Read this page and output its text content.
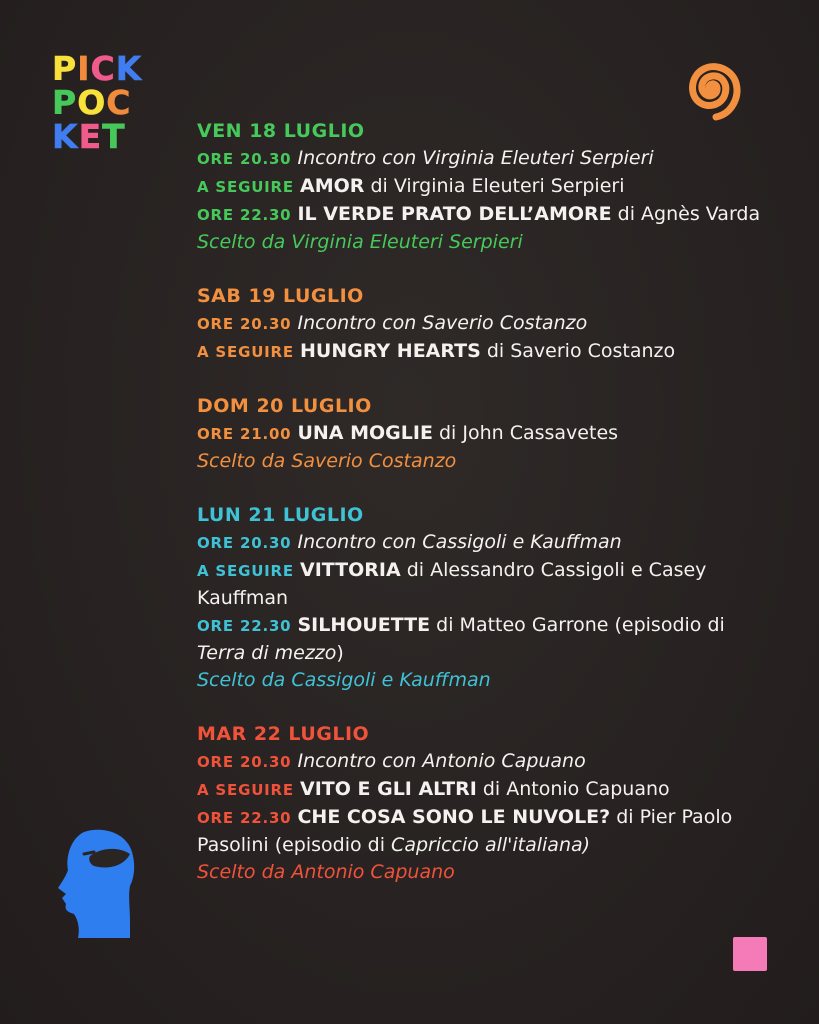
PICK
POC
KET	VEN 18 LUGLIO
ORE 20.30 Incontro con Virginia Eleuteri Serpieri
A SEGUIRE AMOR di Virginia Eleuteri Serpieri
ORE 22.30 IL VERDE PRATO DELL’AMORE di Agnès Varda
Scelto da Virginia Eleuteri Serpieri
SAB 19 LUGLIO
ORE 20.30 Incontro con Saverio Costanzo
A SEGUIRE HUNGRY HEARTS di Saverio Costanzo
DOM 20 LUGLIO
ORE 21.00 UNA MOGLIE di John Cassavetes
Scelto da Saverio Costanzo
LUN 21 LUGLIO
ORE 20.30 Incontro con Cassigoli e Kauffman
A SEGUIRE VITTORIA di Alessandro Cassigoli e Casey Kauffman
ORE 22.30 SILHOUETTE di Matteo Garrone (episodio di Terra di mezzo)
Scelto da Cassigoli e Kauffman
MAR 22 LUGLIO
ORE 20.30 Incontro con Antonio Capuano
A SEGUIRE VITO E GLI ALTRI di Antonio Capuano
ORE 22.30 CHE COSA SONO LE NUVOLE? di Pier Paolo Pasolini (episodio di Capriccio all'italiana)
Scelto da Antonio Capuano
